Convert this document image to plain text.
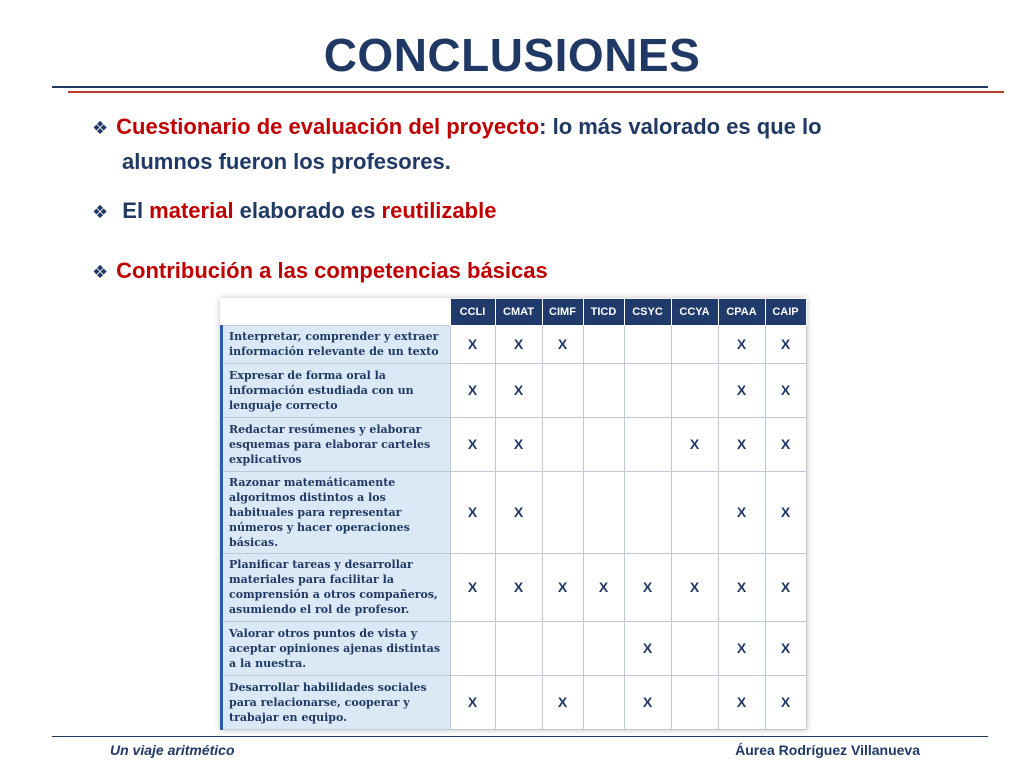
CONCLUSIONES
❖ Cuestionario de evaluación del proyecto: lo más valorado es que lo
alumnos fueron los profesores.
❖ El material elaborado es reutilizable
❖ Contribución a las competencias básicas
	CCLI	CMAT	CIMF	TICD	CSYC	CCYA	CPAA	CAIP
Interpretar, comprender y extraer información relevante de un texto	X	X	X				X	X
Expresar de forma oral la información estudiada con un lenguaje correcto	X	X					X	X
Redactar resúmenes y elaborar esquemas para elaborar carteles explicativos	X	X				X	X	X
Razonar matemáticamente algoritmos distintos a los habituales para representar números y hacer operaciones básicas.	X	X					X	X
Planificar tareas y desarrollar materiales para facilitar la comprensión a otros compañeros, asumiendo el rol de profesor.	X	X	X	X	X	X	X	X
Valorar otros puntos de vista y aceptar opiniones ajenas distintas a la nuestra.					X		X	X
Desarrollar habilidades sociales para relacionarse, cooperar y trabajar en equipo.	X		X		X		X	X
Un viaje aritmético	Áurea Rodríguez Villanueva
